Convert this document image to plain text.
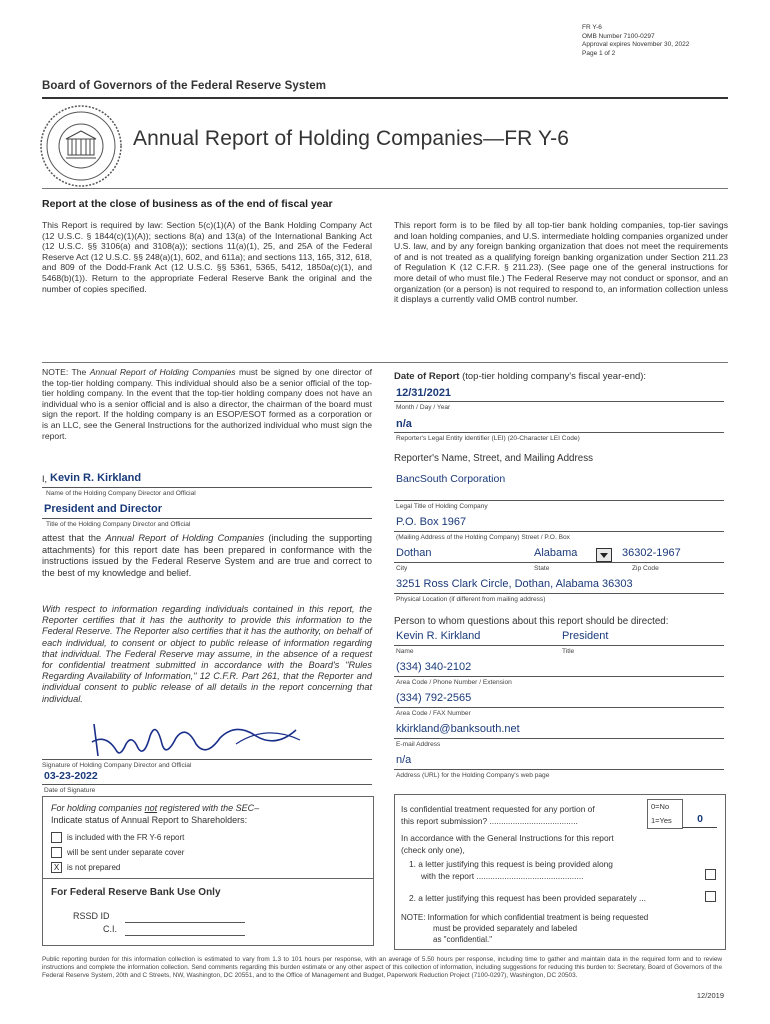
FR Y-6
OMB Number 7100-0297
Approval expires November 30, 2022
Page 1 of 2
Board of Governors of the Federal Reserve System
Annual Report of Holding Companies—FR Y-6
Report at the close of business as of the end of fiscal year
This Report is required by law: Section 5(c)(1)(A) of the Bank Holding Company Act (12 U.S.C. § 1844(c)(1)(A)); sections 8(a) and 13(a) of the International Banking Act (12 U.S.C. §§ 3106(a) and 3108(a)); sections 11(a)(1), 25, and 25A of the Federal Reserve Act (12 U.S.C. §§ 248(a)(1), 602, and 611a); and sections 113, 165, 312, 618, and 809 of the Dodd-Frank Act (12 U.S.C. §§ 5361, 5365, 5412, 1850a(c)(1), and 5468(b)(1)). Return to the appropriate Federal Reserve Bank the original and the number of copies specified.
This report form is to be filed by all top-tier bank holding companies, top-tier savings and loan holding companies, and U.S. intermediate holding companies organized under U.S. law, and by any foreign banking organization that does not meet the requirements of and is not treated as a qualifying foreign banking organization under Section 211.23 of Regulation K (12 C.F.R. § 211.23). (See page one of the general instructions for more detail of who must file.) The Federal Reserve may not conduct or sponsor, and an organization (or a person) is not required to respond to, an information collection unless it displays a currently valid OMB control number.
NOTE: The Annual Report of Holding Companies must be signed by one director of the top-tier holding company. This individual should also be a senior official of the top-tier holding company. In the event that the top-tier holding company does not have an individual who is a senior official and is also a director, the chairman of the board must sign the report. If the holding company is an ESOP/ESOT formed as a corporation or is an LLC, see the General Instructions for the authorized individual who must sign the report.
I, Kevin R. Kirkland
Name of the Holding Company Director and Official
President and Director
Title of the Holding Company Director and Official
attest that the Annual Report of Holding Companies (including the supporting attachments) for this report date has been prepared in conformance with the instructions issued by the Federal Reserve System and are true and correct to the best of my knowledge and belief.
With respect to information regarding individuals contained in this report, the Reporter certifies that it has the authority to provide this information to the Federal Reserve. The Reporter also certifies that it has the authority, on behalf of each individual, to consent or object to public release of information regarding that individual. The Federal Reserve may assume, in the absence of a request for confidential treatment submitted in accordance with the Board's "Rules Regarding Availability of Information," 12 C.F.R. Part 261, that the Reporter and individual consent to public release of all details in the report concerning that individual.
Signature of Holding Company Director and Official
03-23-2022
Date of Signature
For holding companies not registered with the SEC–
Indicate status of Annual Report to Shareholders:
is included with the FR Y-6 report
will be sent under separate cover
X is not prepared
For Federal Reserve Bank Use Only
RSSD ID
C.I.
Date of Report (top-tier holding company's fiscal year-end):
12/31/2021
Month / Day / Year
n/a
Reporter's Legal Entity Identifier (LEI) (20-Character LEI Code)
Reporter's Name, Street, and Mailing Address
BancSouth Corporation
Legal Title of Holding Company
P.O. Box 1967
(Mailing Address of the Holding Company) Street / P.O. Box
Dothan	Alabama	36302-1967
City	State	Zip Code
3251 Ross Clark Circle, Dothan, Alabama 36303
Physical Location (if different from mailing address)
Person to whom questions about this report should be directed:
Kevin R. Kirkland	President
Name	Title
(334) 340-2102
Area Code / Phone Number / Extension
(334) 792-2565
Area Code / FAX Number
kkirkland@banksouth.net
E-mail Address
n/a
Address (URL) for the Holding Company's web page
Is confidential treatment requested for any portion of
this report submission? ......................................
0=No
1=Yes	0
In accordance with the General Instructions for this report
(check only one),
1. a letter justifying this request is being provided along
with the report ..............................................
2. a letter justifying this request has been provided separately ...
NOTE: Information for which confidential treatment is being requested
must be provided separately and labeled
as "confidential."
Public reporting burden for this information collection is estimated to vary from 1.3 to 101 hours per response, with an average of 5.50 hours per response, including time to gather and maintain data in the required form and to review instructions and complete the information collection. Send comments regarding this burden estimate or any other aspect of this collection of information, including suggestions for reducing this burden to: Secretary, Board of Governors of the Federal Reserve System, 20th and C Streets, NW, Washington, DC 20551, and to the Office of Management and Budget, Paperwork Reduction Project (7100-0297), Washington, DC 20503.
12/2019
